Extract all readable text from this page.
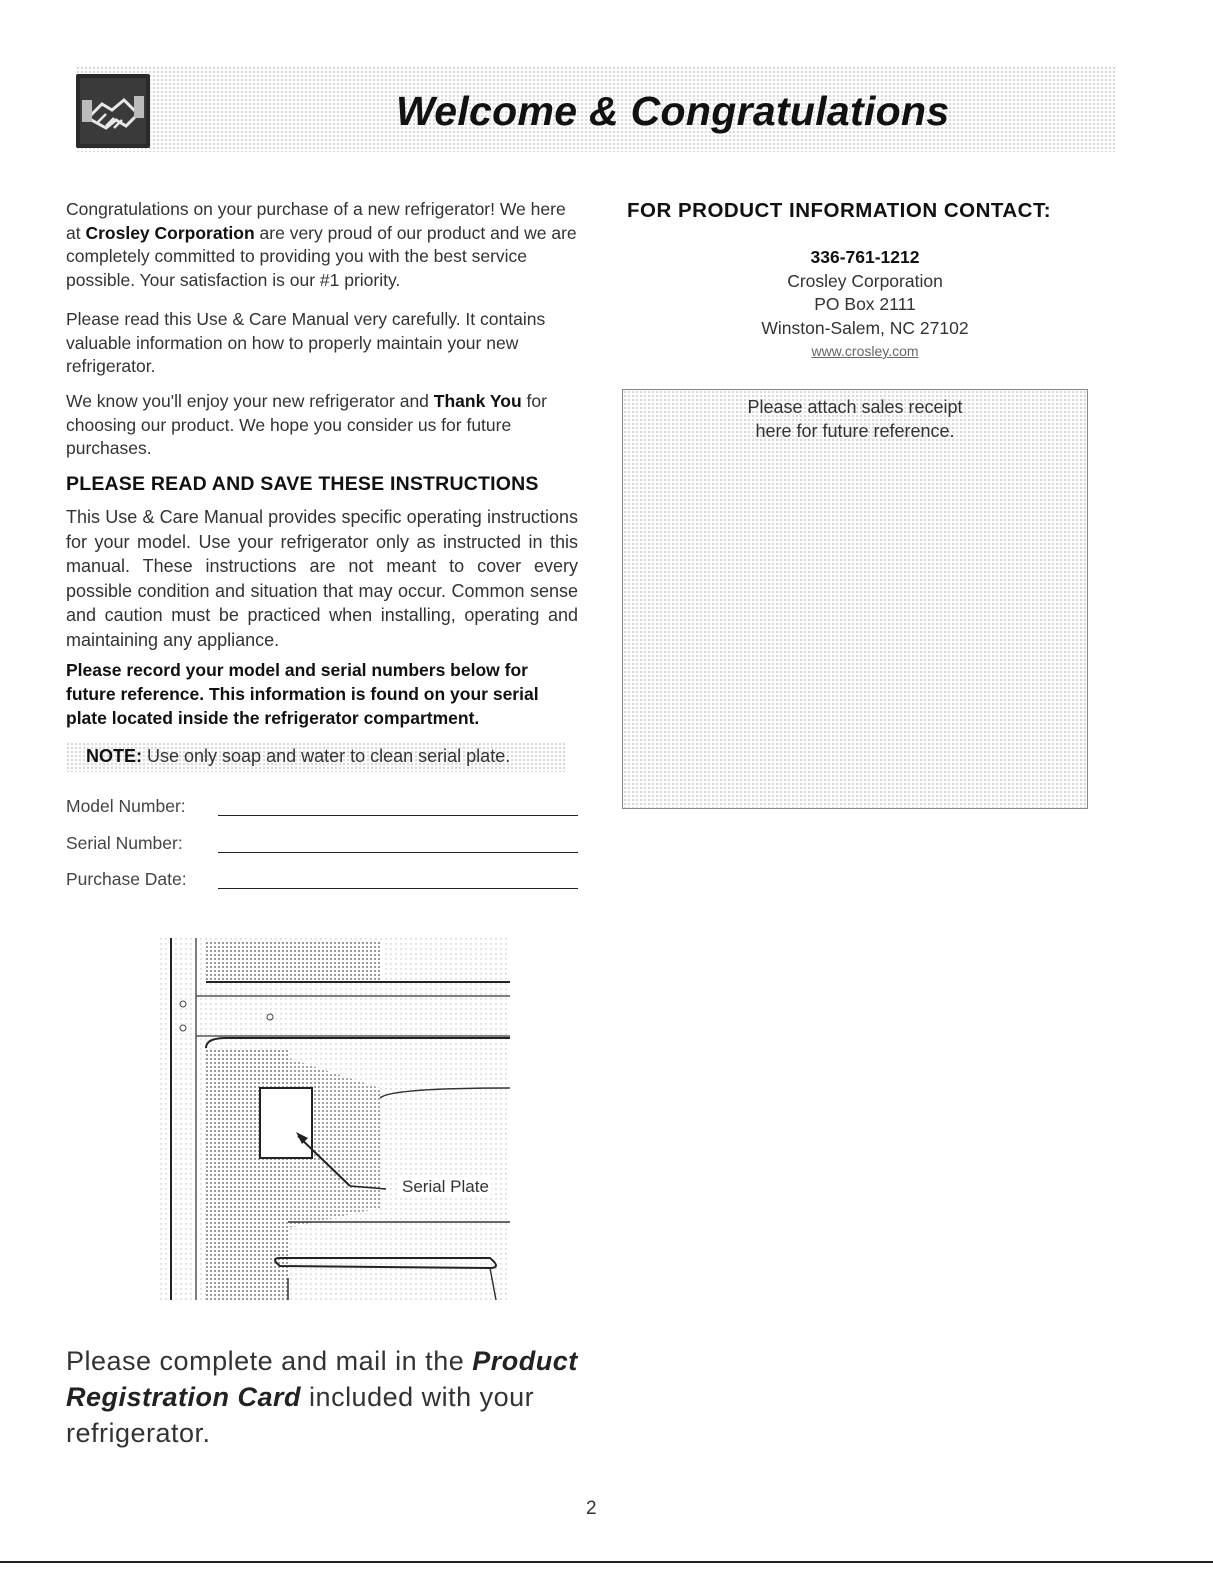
Welcome & Congratulations

Congratulations on your purchase of a new refrigerator! We here at Crosley Corporation are very proud of our product and we are completely committed to providing you with the best service possible. Your satisfaction is our #1 priority.

Please read this Use & Care Manual very carefully. It contains valuable information on how to properly maintain your new refrigerator.

We know you'll enjoy your new refrigerator and Thank You for choosing our product. We hope you consider us for future purchases.

PLEASE READ AND SAVE THESE INSTRUCTIONS

This Use & Care Manual provides specific operating instructions for your model. Use your refrigerator only as instructed in this manual. These instructions are not meant to cover every possible condition and situation that may occur. Common sense and caution must be practiced when installing, operating and maintaining any appliance.

Please record your model and serial numbers below for future reference. This information is found on your serial plate located inside the refrigerator compartment.

NOTE: Use only soap and water to clean serial plate.
Model Number:
Serial Number:
Purchase Date:
Serial Plate
Please complete and mail in the Product Registration Card included with your refrigerator.
2
FOR PRODUCT INFORMATION CONTACT:
336-761-1212
Crosley Corporation
PO Box 2111
Winston-Salem, NC 27102
www.crosley.com
Please attach sales receipt
here for future reference.
